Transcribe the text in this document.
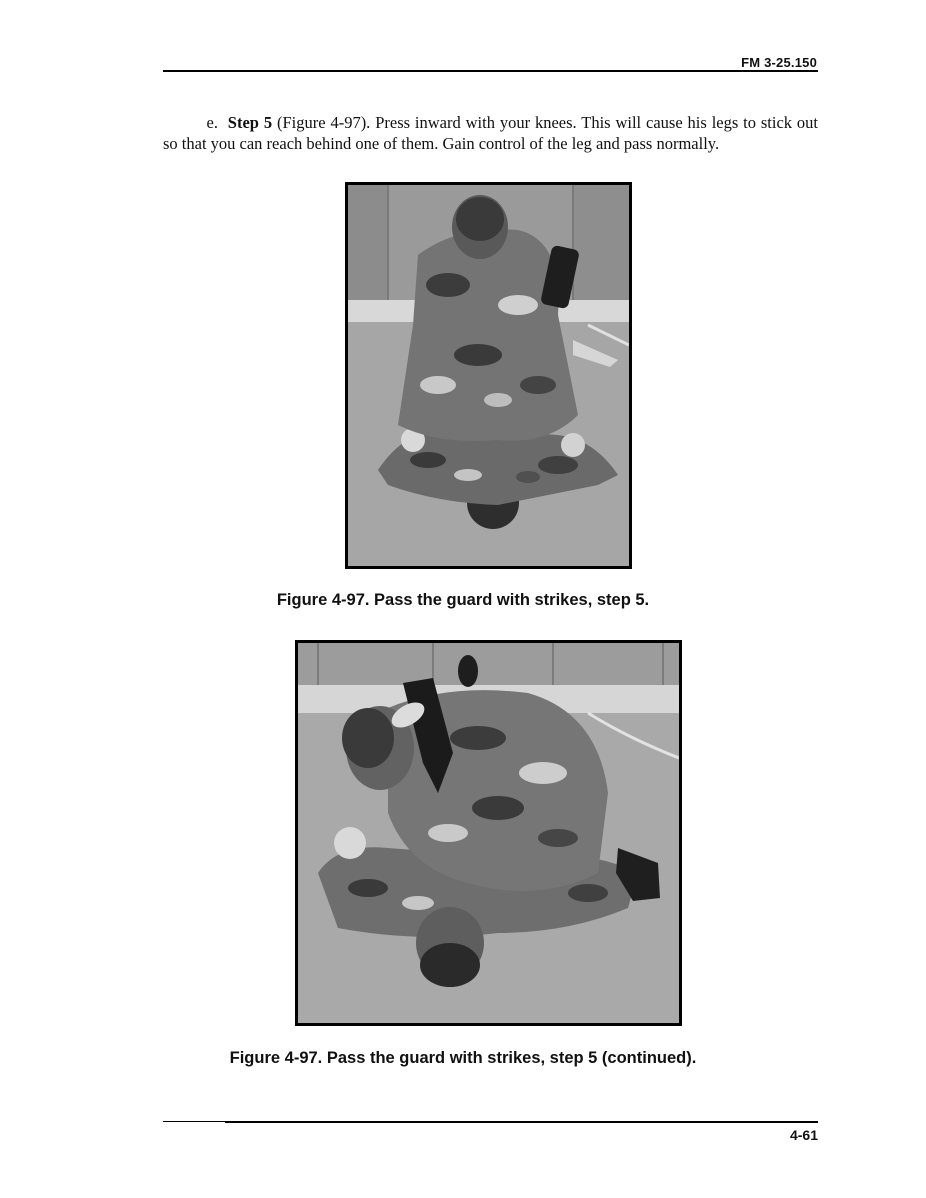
FM 3-25.150

e. Step 5 (Figure 4-97). Press inward with your knees. This will cause his legs to stick out so that you can reach behind one of them. Gain control of the leg and pass normally.

Figure 4-97. Pass the guard with strikes, step 5.
Figure 4-97. Pass the guard with strikes, step 5 (continued).
4-61
